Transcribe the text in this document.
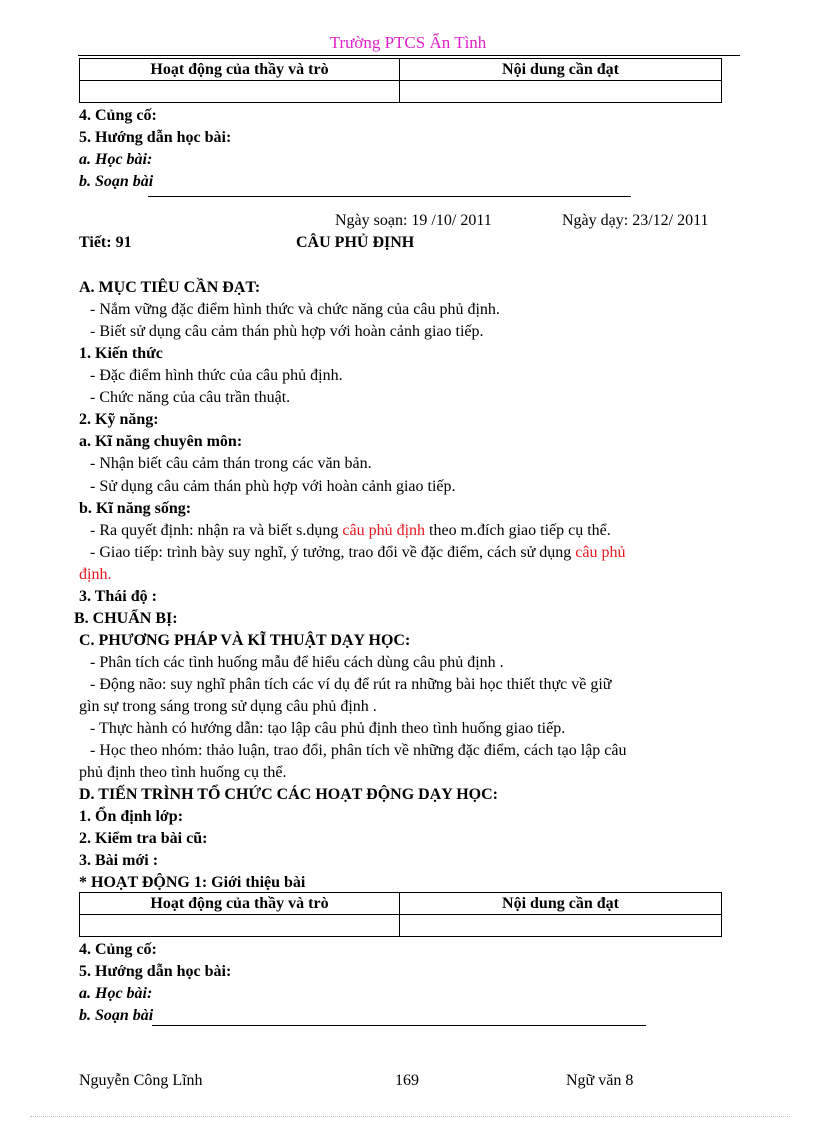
Trường PTCS Ẩn Tình
Hoạt động của thầy và trò	Nội dung cần đạt

4. Củng cố:
5. Hướng dẫn học bài:
a. Học bài:
b. Soạn bài
Ngày soạn: 19 /10/ 2011	Ngày dạy: 23/12/ 2011
Tiết: 91	CÂU PHỦ ĐỊNH
A. MỤC TIÊU CẦN ĐẠT:
- Nắm vững đặc điểm hình thức và chức năng của câu phủ định.
- Biết sử dụng câu cảm thán phù hợp với hoàn cảnh giao tiếp.
1. Kiến thức
- Đặc điểm hình thức của câu phủ định.
- Chức năng của câu trần thuật.
2. Kỹ năng:
a. Kĩ năng chuyên môn:
- Nhận biết câu cảm thán trong các văn bản.
- Sử dụng câu cảm thán phù hợp với hoàn cảnh giao tiếp.
b. Kĩ năng sống:
- Ra quyết định: nhận ra và biết s.dụng câu phủ định theo m.đích giao tiếp cụ thể.
- Giao tiếp: trình bày suy nghĩ, ý tưởng, trao đổi về đặc điểm, cách sử dụng câu phủ
định.
3. Thái độ :
B. CHUẨN BỊ:
C. PHƯƠNG PHÁP VÀ KĨ THUẬT DẠY HỌC:
- Phân tích các tình huống mẫu để hiểu cách dùng câu phủ định .
- Động não: suy nghĩ phân tích các ví dụ để rút ra những bài học thiết thực về giữ
gìn sự trong sáng trong sử dụng câu phủ định .
- Thực hành có hướng dẫn: tạo lập câu phủ định theo tình huống giao tiếp.
- Học theo nhóm: thảo luận, trao đổi, phân tích về những đặc điểm, cách tạo lập câu
phủ định theo tình huống cụ thể.
D. TIẾN TRÌNH TỔ CHỨC CÁC HOẠT ĐỘNG DẠY HỌC:
1. Ổn định lớp:
2. Kiểm tra bài cũ:
3. Bài mới :
* HOẠT ĐỘNG 1: Giới thiệu bài
Hoạt động của thầy và trò	Nội dung cần đạt

4. Củng cố:
5. Hướng dẫn học bài:
a. Học bài:
b. Soạn bài
Nguyễn Công Lĩnh	169	Ngữ văn 8
